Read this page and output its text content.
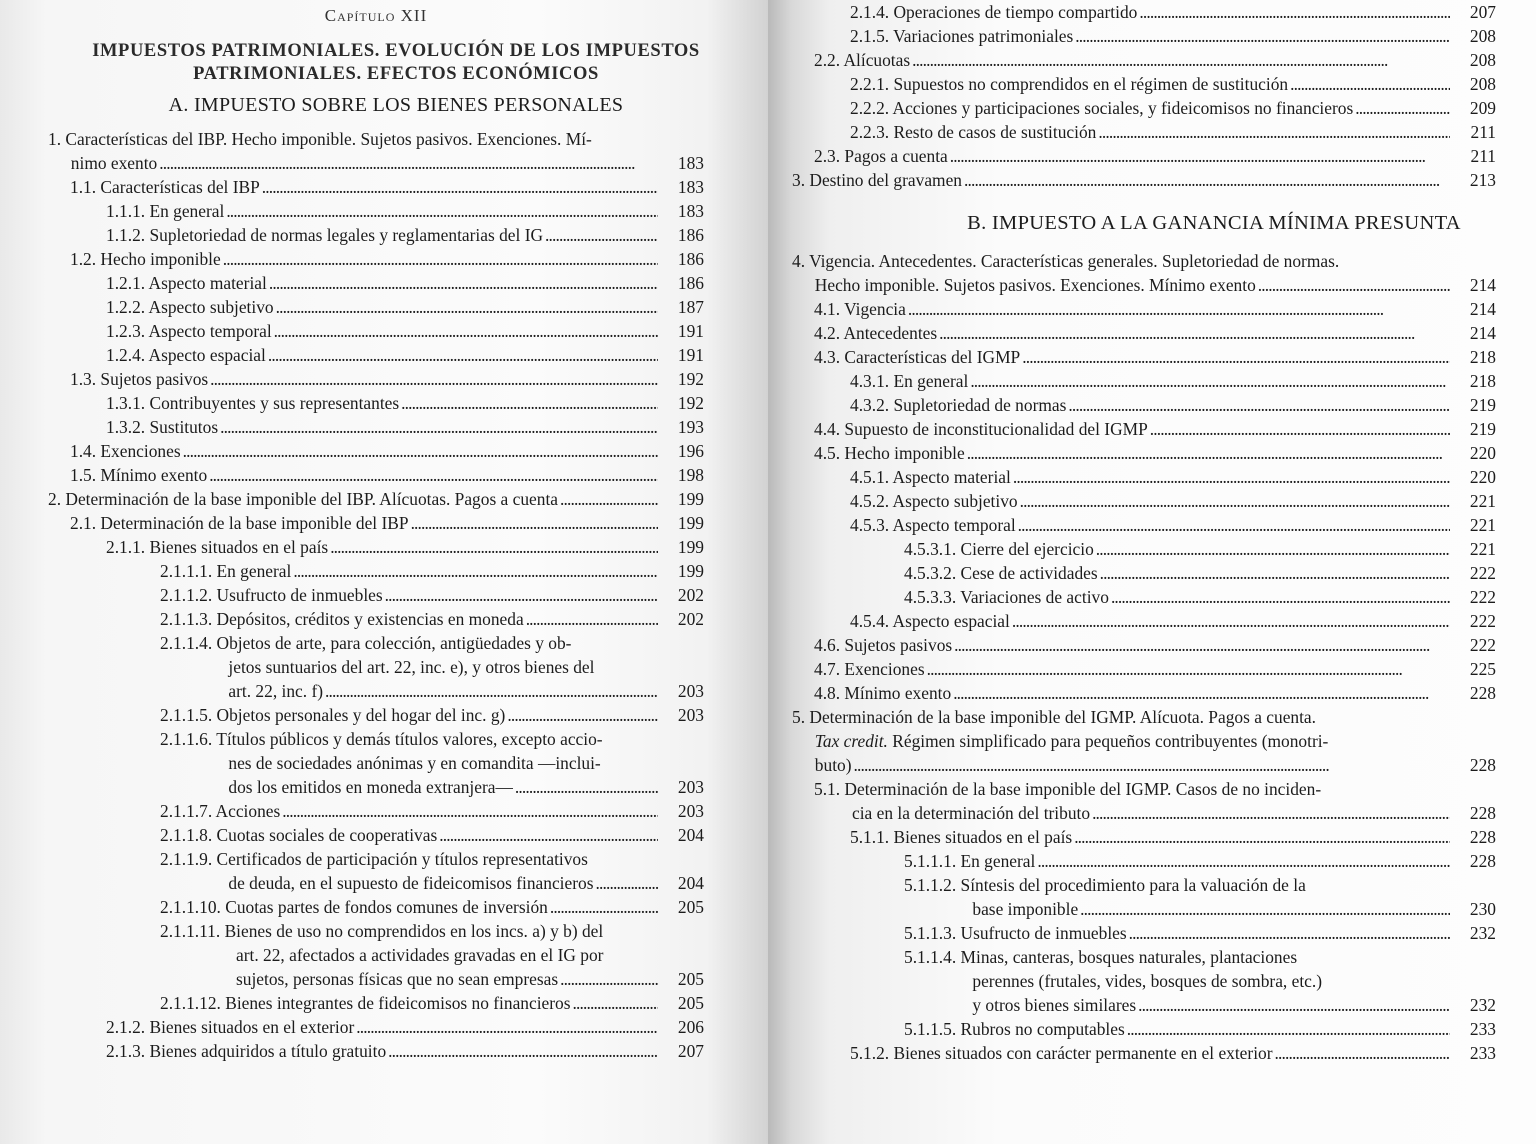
Capítulo XII
IMPUESTOS PATRIMONIALES. EVOLUCIÓN DE LOS IMPUESTOS
PATRIMONIALES. EFECTOS ECONÓMICOS
A. IMPUESTO SOBRE LOS BIENES PERSONALES
1. Características del IBP. Hecho imponible. Sujetos pasivos. Exenciones. Mí-
nimo exento . . .	183
1.1. Características del IBP . . .	183
1.1.1. En general . . .	183
1.1.2. Supletoriedad de normas legales y reglamentarias del IG . . .	186
1.2. Hecho imponible . . .	186
1.2.1. Aspecto material . . .	186
1.2.2. Aspecto subjetivo . . .	187
1.2.3. Aspecto temporal . . .	191
1.2.4. Aspecto espacial . . .	191
1.3. Sujetos pasivos . . .	192
1.3.1. Contribuyentes y sus representantes . . .	192
1.3.2. Sustitutos . . .	193
1.4. Exenciones . . .	196
1.5. Mínimo exento . . .	198
2. Determinación de la base imponible del IBP. Alícuotas. Pagos a cuenta . . .	199
2.1. Determinación de la base imponible del IBP . . .	199
2.1.1. Bienes situados en el país . . .	199
2.1.1.1. En general . . .	199
2.1.1.2. Usufructo de inmuebles . . .	202
2.1.1.3. Depósitos, créditos y existencias en moneda . . .	202
2.1.1.4. Objetos de arte, para colección, antigüedades y ob-
jetos suntuarios del art. 22, inc. e), y otros bienes del
art. 22, inc. f) . . .	203
2.1.1.5. Objetos personales y del hogar del inc. g) . . .	203
2.1.1.6. Títulos públicos y demás títulos valores, excepto accio-
nes de sociedades anónimas y en comandita —inclui-
dos los emitidos en moneda extranjera— . . .	203
2.1.1.7. Acciones . . .	203
2.1.1.8. Cuotas sociales de cooperativas . . .	204
2.1.1.9. Certificados de participación y títulos representativos
de deuda, en el supuesto de fideicomisos financieros . . .	204
2.1.1.10. Cuotas partes de fondos comunes de inversión . . .	205
2.1.1.11. Bienes de uso no comprendidos en los incs. a) y b) del
art. 22, afectados a actividades gravadas en el IG por
sujetos, personas físicas que no sean empresas . . .	205
2.1.1.12. Bienes integrantes de fideicomisos no financieros . . .	205
2.1.2. Bienes situados en el exterior . . .	206
2.1.3. Bienes adquiridos a título gratuito . . .	207
2.1.4. Operaciones de tiempo compartido . . .	207
2.1.5. Variaciones patrimoniales . . .	208
2.2. Alícuotas . . .	208
2.2.1. Supuestos no comprendidos en el régimen de sustitución . . .	208
2.2.2. Acciones y participaciones sociales, y fideicomisos no financieros . . .	209
2.2.3. Resto de casos de sustitución . . .	211
2.3. Pagos a cuenta . . .	211
3. Destino del gravamen . . .	213
B. IMPUESTO A LA GANANCIA MÍNIMA PRESUNTA
4. Vigencia. Antecedentes. Características generales. Supletoriedad de normas.
Hecho imponible. Sujetos pasivos. Exenciones. Mínimo exento . . .	214
4.1. Vigencia . . .	214
4.2. Antecedentes . . .	214
4.3. Características del IGMP . . .	218
4.3.1. En general . . .	218
4.3.2. Supletoriedad de normas . . .	219
4.4. Supuesto de inconstitucionalidad del IGMP . . .	219
4.5. Hecho imponible . . .	220
4.5.1. Aspecto material . . .	220
4.5.2. Aspecto subjetivo . . .	221
4.5.3. Aspecto temporal . . .	221
4.5.3.1. Cierre del ejercicio . . .	221
4.5.3.2. Cese de actividades . . .	222
4.5.3.3. Variaciones de activo . . .	222
4.5.4. Aspecto espacial . . .	222
4.6. Sujetos pasivos . . .	222
4.7. Exenciones . . .	225
4.8. Mínimo exento . . .	228
5. Determinación de la base imponible del IGMP. Alícuota. Pagos a cuenta.
Tax credit. Régimen simplificado para pequeños contribuyentes (monotri-
buto) . . .	228
5.1. Determinación de la base imponible del IGMP. Casos de no inciden-
cia en la determinación del tributo . . .	228
5.1.1. Bienes situados en el país . . .	228
5.1.1.1. En general . . .	228
5.1.1.2. Síntesis del procedimiento para la valuación de la
base imponible . . .	230
5.1.1.3. Usufructo de inmuebles . . .	232
5.1.1.4. Minas, canteras, bosques naturales, plantaciones
perennes (frutales, vides, bosques de sombra, etc.)
y otros bienes similares . . .	232
5.1.1.5. Rubros no computables . . .	233
5.1.2. Bienes situados con carácter permanente en el exterior . . .	233
